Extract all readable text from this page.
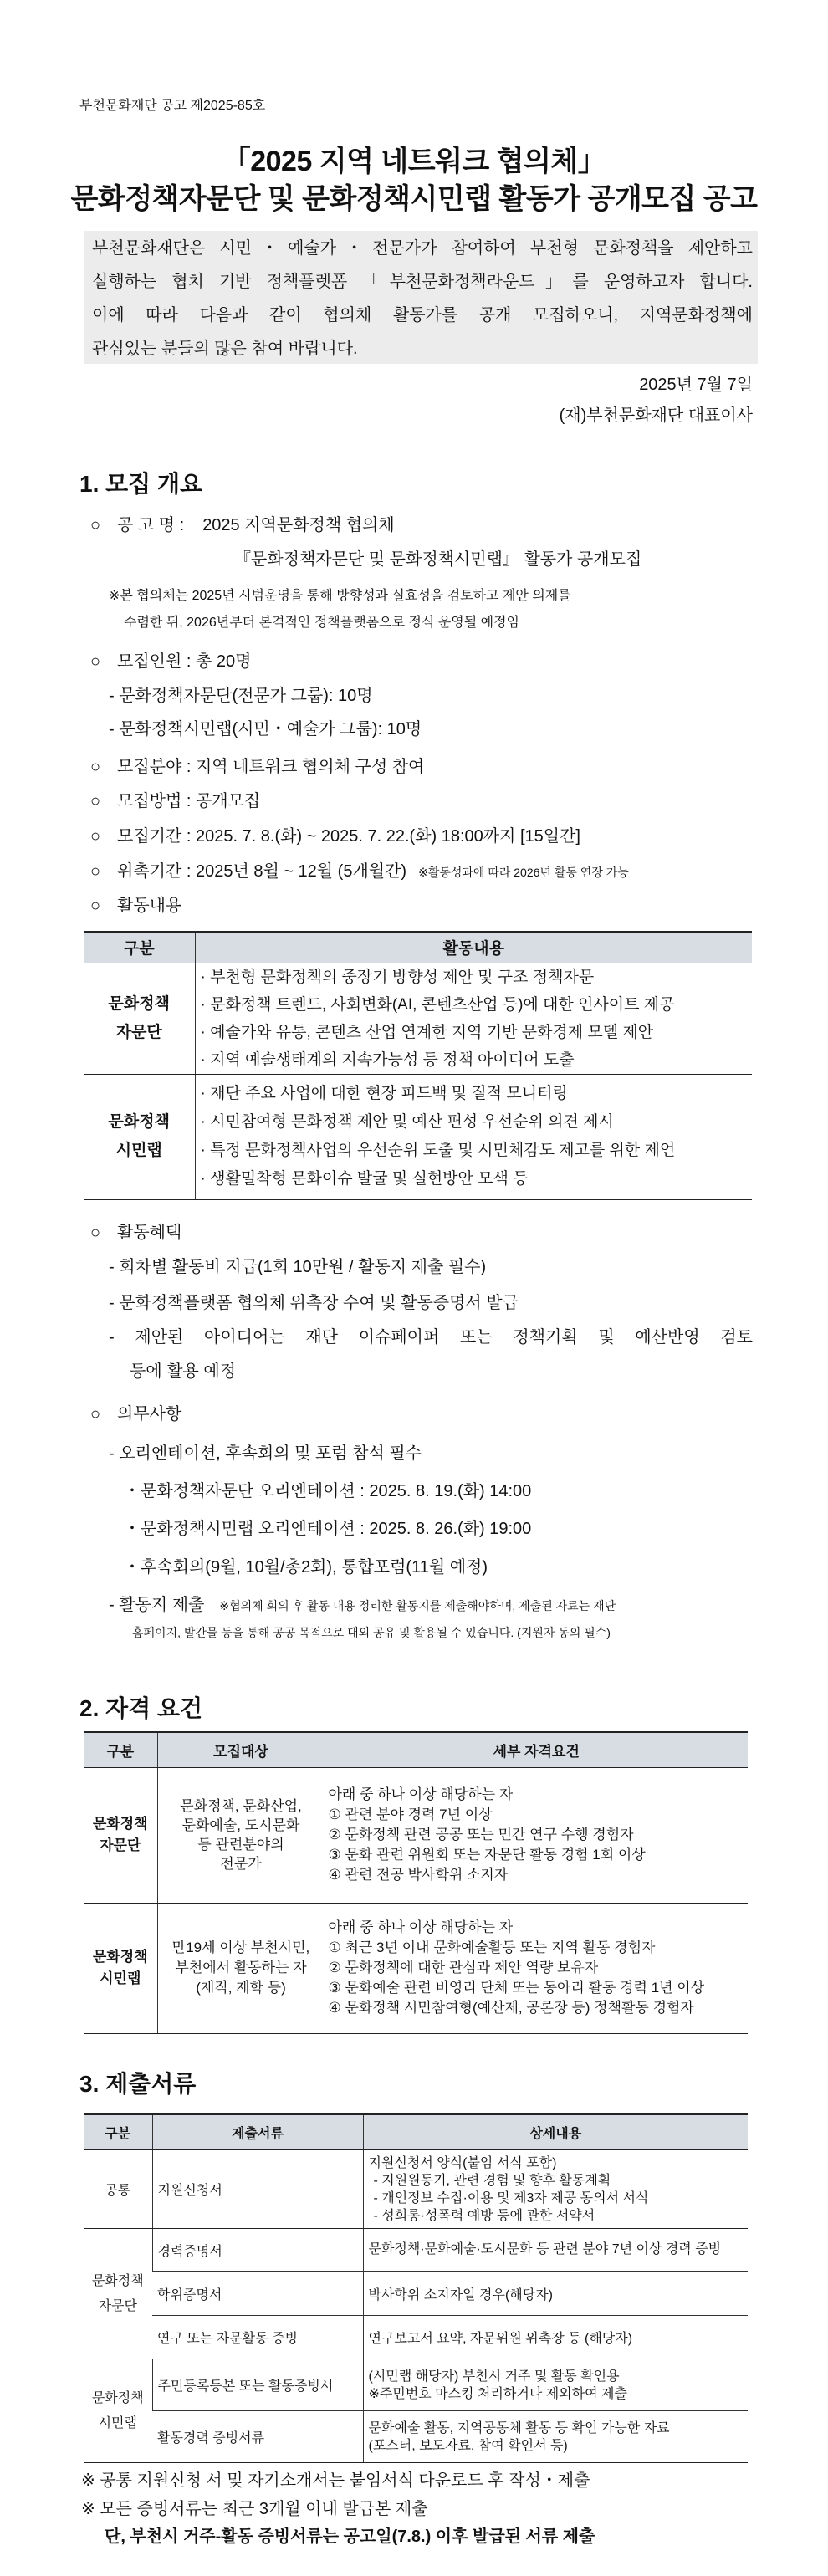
부천문화재단 공고 제2025-85호
「2025 지역 네트워크 협의체」
문화정책자문단 및 문화정책시민랩 활동가 공개모집 공고
부천문화재단은 시민・예술가・전문가가 참여하여 부천형 문화정책을 제안하고
실행하는 협치 기반 정책플렛폼 「부천문화정책라운드」를 운영하고자 합니다.
이에 따라 다음과 같이 협의체 활동가를 공개 모집하오니, 지역문화정책에
관심있는 분들의 많은 참여 바랍니다.
2025년 7월 7일
(재)부천문화재단 대표이사
1. 모집 개요
○ 공 고 명 : 2025 지역문화정책 협의체
『문화정책자문단 및 문화정책시민랩』 활동가 공개모집
※본 협의체는 2025년 시범운영을 통해 방향성과 실효성을 검토하고 제안 의제를
수렴한 뒤, 2026년부터 본격적인 정책플랫폼으로 정식 운영될 예정임
○ 모집인원 : 총 20명
- 문화정책자문단(전문가 그룹): 10명
- 문화정책시민랩(시민・예술가 그룹): 10명
○ 모집분야 : 지역 네트워크 협의체 구성 참여
○ 모집방법 : 공개모집
○ 모집기간 : 2025. 7. 8.(화) ~ 2025. 7. 22.(화) 18:00까지 [15일간]
○ 위촉기간 : 2025년 8월 ~ 12월 (5개월간) ※활동성과에 따라 2026년 활동 연장 가능
○ 활동내용
구분	활동내용

문화정책
자문단	· 부천형 문화정책의 중장기 방향성 제안 및 구조 정책자문
· 문화정책 트렌드, 사회변화(AI, 콘텐츠산업 등)에 대한 인사이트 제공
· 예술가와 유통, 콘텐츠 산업 연계한 지역 기반 문화경제 모델 제안
· 지역 예술생태계의 지속가능성 등 정책 아이디어 도출

문화정책
시민랩	· 재단 주요 사업에 대한 현장 피드백 및 질적 모니터링
· 시민참여형 문화정책 제안 및 예산 편성 우선순위 의견 제시
· 특정 문화정책사업의 우선순위 도출 및 시민체감도 제고를 위한 제언
· 생활밀착형 문화이슈 발굴 및 실현방안 모색 등
○ 활동혜택
- 회차별 활동비 지급(1회 10만원 / 활동지 제출 필수)
- 문화정책플랫폼 협의체 위촉장 수여 및 활동증명서 발급
- 제안된 아이디어는 재단 이슈페이퍼 또는 정책기획 및 예산반영 검토
등에 활용 예정
○ 의무사항
- 오리엔테이션, 후속회의 및 포럼 참석 필수
・문화정책자문단 오리엔테이션 : 2025. 8. 19.(화) 14:00
・문화정책시민랩 오리엔테이션 : 2025. 8. 26.(화) 19:00
・후속회의(9월, 10월/총2회), 통합포럼(11월 예정)
- 활동지 제출 ※협의체 회의 후 활동 내용 정리한 활동지를 제출해야하며, 제출된 자료는 재단
홈페이지, 발간물 등을 통해 공공 목적으로 대외 공유 및 활용될 수 있습니다. (지원자 동의 필수)
2. 자격 요건
구분	모집대상	세부 자격요건

문화정책
자문단	문화정책, 문화산업,
문화예술, 도시문화
등 관련분야의
전문가	아래 중 하나 이상 해당하는 자
① 관련 분야 경력 7년 이상
② 문화정책 관련 공공 또는 민간 연구 수행 경험자
③ 문화 관련 위원회 또는 자문단 활동 경험 1회 이상
④ 관련 전공 박사학위 소지자

문화정책
시민랩	만19세 이상 부천시민,
부천에서 활동하는 자
(재직, 재학 등)	아래 중 하나 이상 해당하는 자
① 최근 3년 이내 문화예술활동 또는 지역 활동 경험자
② 문화정책에 대한 관심과 제안 역량 보유자
③ 문화예술 관련 비영리 단체 또는 동아리 활동 경력 1년 이상
④ 문화정책 시민참여형(예산제, 공론장 등) 정책활동 경험자
3. 제출서류
구분	제출서류	상세내용
공통	지원신청서	지원신청서 양식(붙임 서식 포함)
- 지원원동기, 관련 경험 및 향후 활동계획
- 개인정보 수집·이용 및 제3자 제공 동의서 서식
- 성희롱·성폭력 예방 등에 관한 서약서

문화정책
자문단	경력증명서	문화정책·문화예술·도시문화 등 관련 분야 7년 이상 경력 증빙
	학위증명서	박사학위 소지자일 경우(해당자)
	연구 또는 자문활동 증빙	연구보고서 요약, 자문위원 위촉장 등 (해당자)

문화정책
시민랩	주민등록등본 또는 활동증빙서	(시민랩 해당자) 부천시 거주 및 활동 확인용
※주민번호 마스킹 처리하거나 제외하여 제출

	활동경력 증빙서류	문화예술 활동, 지역공동체 활동 등 확인 가능한 자료
(포스터, 보도자료, 참여 확인서 등)
※ 공통 지원신청 서 및 자기소개서는 붙임서식 다운로드 후 작성・제출
※ 모든 증빙서류는 최근 3개월 이내 발급본 제출
단, 부천시 거주-활동 증빙서류는 공고일(7.8.) 이후 발급된 서류 제출
